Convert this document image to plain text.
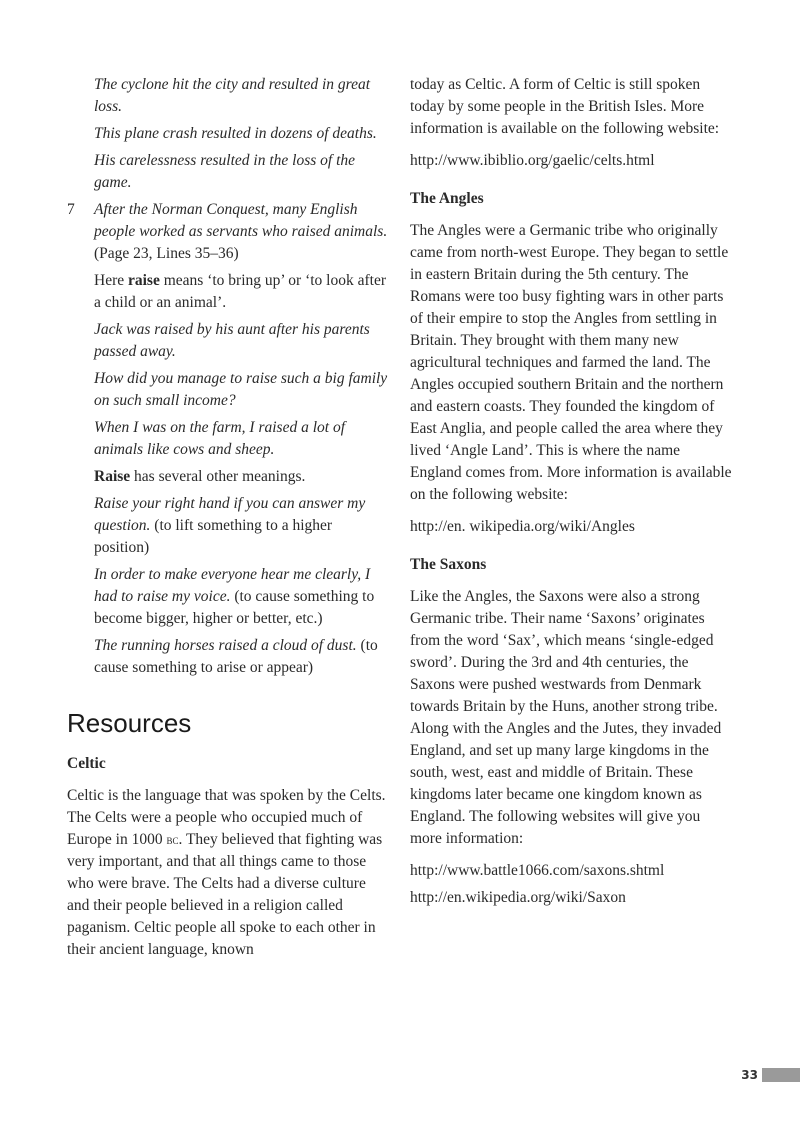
The cyclone hit the city and resulted in great loss.

This plane crash resulted in dozens of deaths.

His carelessness resulted in the loss of the game.

7 After the Norman Conquest, many English people worked as servants who raised animals. (Page 23, Lines 35–36)

Here raise means ‘to bring up’ or ‘to look after a child or an animal’.

Jack was raised by his aunt after his parents passed away.

How did you manage to raise such a big family on such small income?

When I was on the farm, I raised a lot of animals like cows and sheep.

Raise has several other meanings.

Raise your right hand if you can answer my question. (to lift something to a higher position)

In order to make everyone hear me clearly, I had to raise my voice. (to cause something to become bigger, higher or better, etc.)

The running horses raised a cloud of dust. (to cause something to arise or appear)

Resources
Celtic

Celtic is the language that was spoken by the Celts. The Celts were a people who occupied much of Europe in 1000 bc. They believed that fighting was very important, and that all things came to those who were brave. The Celts had a diverse culture and their people believed in a religion called paganism. Celtic people all spoke to each other in their ancient language, known

today as Celtic. A form of Celtic is still spoken today by some people in the British Isles. More information is available on the following website:

http://www.ibiblio.org/gaelic/celts.html

The Angles

The Angles were a Germanic tribe who originally came from north-west Europe. They began to settle in eastern Britain during the 5th century. The Romans were too busy fighting wars in other parts of their empire to stop the Angles from settling in Britain. They brought with them many new agricultural techniques and farmed the land. The Angles occupied southern Britain and the northern and eastern coasts. They founded the kingdom of East Anglia, and people called the area where they lived ‘Angle Land’. This is where the name England comes from. More information is available on the following website:

http://en. wikipedia.org/wiki/Angles

The Saxons

Like the Angles, the Saxons were also a strong Germanic tribe. Their name ‘Saxons’ originates from the word ‘Sax’, which means ‘single-edged sword’. During the 3rd and 4th centuries, the Saxons were pushed westwards from Denmark towards Britain by the Huns, another strong tribe. Along with the Angles and the Jutes, they invaded England, and set up many large kingdoms in the south, west, east and middle of Britain. These kingdoms later became one kingdom known as England. The following websites will give you more information:

http://www.battle1066.com/saxons.shtml

http://en.wikipedia.org/wiki/Saxon

33
